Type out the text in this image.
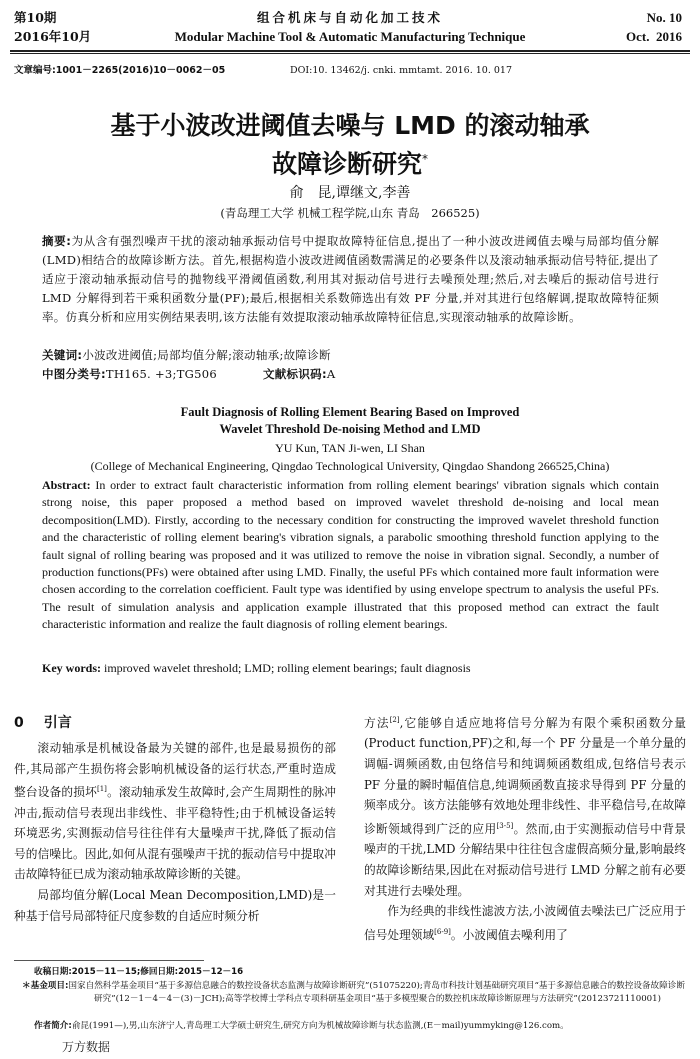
第10期
2016年10月
组合机床与自动化加工技术
Modular Machine Tool & Automatic Manufacturing Technique
No. 10
Oct.  2016
文章编号:1001－2265(2016)10－0062－05	DOI:10. 13462/j. cnki. mmtamt. 2016. 10. 017
基于小波改进阈值去噪与 LMD 的滚动轴承
故障诊断研究*
俞　昆,谭继文,李善
(青岛理工大学 机械工程学院,山东 青岛　266525)
摘要:为从含有强烈噪声干扰的滚动轴承振动信号中提取故障特征信息,提出了一种小波改进阈值去噪与局部均值分解(LMD)相结合的故障诊断方法。首先,根据构造小波改进阈值函数需满足的必要条件以及滚动轴承振动信号特征,提出了适应于滚动轴承振动信号的抛物线平滑阈值函数,利用其对振动信号进行去噪预处理;然后,对去噪后的振动信号进行 LMD 分解得到若干乘积函数分量(PF);最后,根据相关系数筛选出有效 PF 分量,并对其进行包络解调,提取故障特征频率。仿真分析和应用实例结果表明,该方法能有效提取滚动轴承故障特征信息,实现滚动轴承的故障诊断。
关键词:小波改进阈值;局部均值分解;滚动轴承;故障诊断
中图分类号:TH165. +3;TG506	文献标识码:A
Fault Diagnosis of Rolling Element Bearing Based on Improved
Wavelet Threshold De-noising Method and LMD
YU Kun, TAN Ji-wen, LI Shan
(College of Mechanical Engineering, Qingdao Technological University, Qingdao Shandong 266525,China)
Abstract: In order to extract fault characteristic information from rolling element bearings' vibration signals which contain strong noise, this paper proposed a method based on improved wavelet threshold de-noising and local mean decomposition(LMD). Firstly, according to the necessary condition for constructing the improved wavelet threshold function and the characteristic of rolling element bearing's vibration signals, a parabolic smoothing threshold function applying to the fault signal of rolling bearing was proposed and it was utilized to remove the noise in vibration signal. Secondly, a number of production functions(PFs) were obtained after using LMD. Finally, the useful PFs which contained more fault information were chosen according to the correlation coefficient. Fault type was identified by using envelope spectrum to analysis the useful PFs. The result of simulation analysis and application example illustrated that this proposed method can extract the fault characteristic information and realize the fault diagnosis of rolling element bearings.
Key words: improved wavelet threshold; LMD; rolling element bearings; fault diagnosis
0 引言

滚动轴承是机械设备最为关键的部件,也是最易损伤的部件,其局部产生损伤将会影响机械设备的运行状态,严重时造成整台设备的损坏[1]。滚动轴承发生故障时,会产生周期性的脉冲冲击,振动信号表现出非线性、非平稳特性;由于机械设备运转环境恶劣,实测振动信号往往伴有大量噪声干扰,降低了振动信号的信噪比。因此,如何从混有强噪声干扰的振动信号中提取冲击故障特征已成为滚动轴承故障诊断的关键。

局部均值分解(Local Mean Decomposition,LMD)是一种基于信号局部特征尺度参数的自适应时频分析

方法[2],它能够自适应地将信号分解为有限个乘积函数分量(Product function,PF)之和,每一个 PF 分量是一个单分量的调幅-调频函数,由包络信号和纯调频函数组成,包络信号表示 PF 分量的瞬时幅值信息,纯调频函数直接求导得到 PF 分量的频率成分。该方法能够有效地处理非线性、非平稳信号,在故障诊断领域得到广泛的应用[3-5]。然而,由于实测振动信号中背景噪声的干扰,LMD 分解结果中往往包含虚假高频分量,影响最终的故障诊断结果,因此在对振动信号进行 LMD 分解之前有必要对其进行去噪处理。

作为经典的非线性滤波方法,小波阈值去噪法已广泛应用于信号处理领域[6-9]。小波阈值去噪利用了

收稿日期:2015－11－15;修回日期:2015－12－16
＊基金项目:国家自然科学基金项目“基于多源信息融合的数控设备状态监测与故障诊断研究”(51075220);青岛市科技计划基础研究项目“基于多源信息融合的数控设备故障诊断研究”(12－1－4－4－(3)－JCH);高等学校博士学科点专项科研基金项目“基于多模型聚合的数控机床故障诊断原理与方法研究”(20123721110001)
作者简介:俞昆(1991—),男,山东济宁人,青岛理工大学硕士研究生,研究方向为机械故障诊断与状态监测,(E－mail)yummyking@126.com。
万方数据
